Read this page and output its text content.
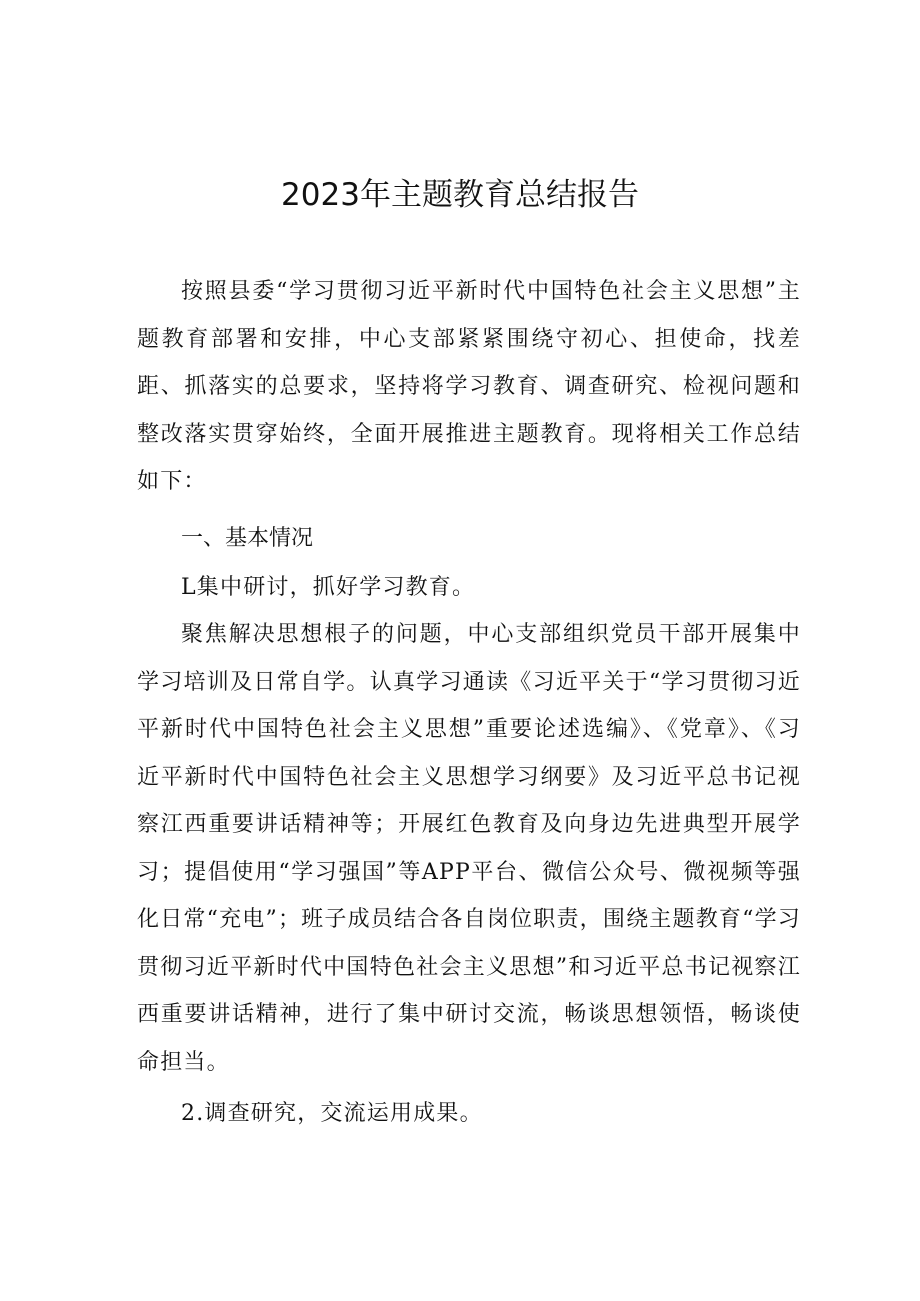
2023年主题教育总结报告

按照县委“学习贯彻习近平新时代中国特色社会主义思想”主题教育部署和安排，中心支部紧紧围绕守初心、担使命，找差距、抓落实的总要求，坚持将学习教育、调查研究、检视问题和整改落实贯穿始终，全面开展推进主题教育。现将相关工作总结如下：

一、基本情况

L集中研讨，抓好学习教育。

聚焦解决思想根子的问题，中心支部组织党员干部开展集中学习培训及日常自学。认真学习通读《习近平关于“学习贯彻习近平新时代中国特色社会主义思想”重要论述选编》、《党章》、《习近平新时代中国特色社会主义思想学习纲要》及习近平总书记视察江西重要讲话精神等；开展红色教育及向身边先进典型开展学习；提倡使用“学习强国”等APP平台、微信公众号、微视频等强化日常“充电”；班子成员结合各自岗位职责，围绕主题教育“学习贯彻习近平新时代中国特色社会主义思想”和习近平总书记视察江西重要讲话精神，进行了集中研讨交流，畅谈思想领悟，畅谈使命担当。

2.调查研究，交流运用成果。
